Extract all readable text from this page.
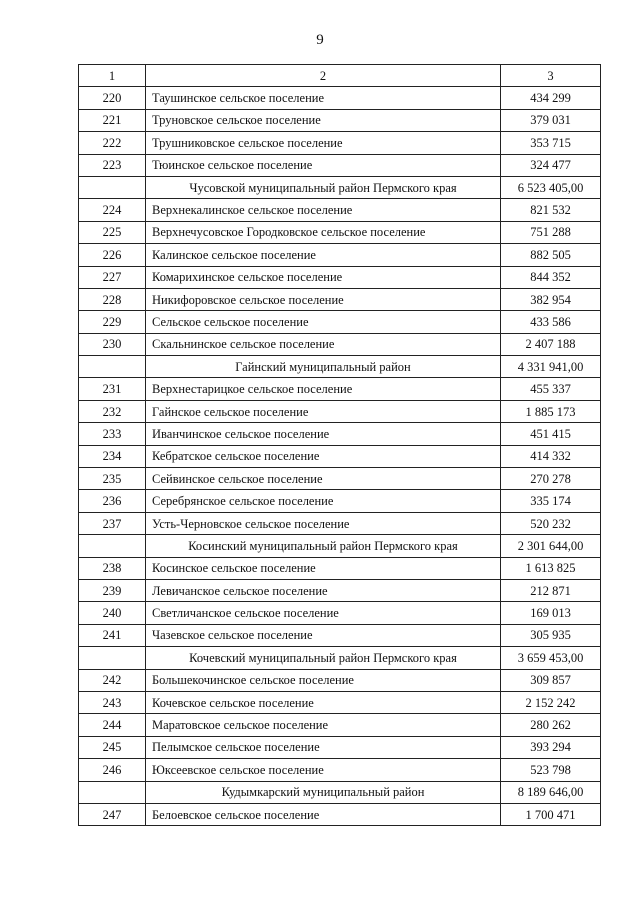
9
1	2	3
220	Таушинское сельское поселение	434 299
221	Труновское сельское поселение	379 031
222	Трушниковское сельское поселение	353 715
223	Тюинское сельское поселение	324 477
	Чусовской муниципальный район Пермского края	6 523 405,00
224	Верхнекалинское сельское поселение	821 532
225	Верхнечусовское Городковское сельское поселение	751 288
226	Калинское сельское поселение	882 505
227	Комарихинское сельское поселение	844 352
228	Никифоровское сельское поселение	382 954
229	Сельское сельское поселение	433 586
230	Скальнинское сельское поселение	2 407 188
	Гайнский муниципальный район	4 331 941,00
231	Верхнестарицкое сельское поселение	455 337
232	Гайнское сельское поселение	1 885 173
233	Иванчинское сельское поселение	451 415
234	Кебратское сельское поселение	414 332
235	Сейвинское сельское поселение	270 278
236	Серебрянское сельское поселение	335 174
237	Усть-Черновское сельское поселение	520 232
	Косинский муниципальный район Пермского края	2 301 644,00
238	Косинское сельское поселение	1 613 825
239	Левичанское сельское поселение	212 871
240	Светличанское сельское поселение	169 013
241	Чазевское сельское поселение	305 935
	Кочевский муниципальный район Пермского края	3 659 453,00
242	Большекочинское сельское поселение	309 857
243	Кочевское сельское поселение	2 152 242
244	Маратовское сельское поселение	280 262
245	Пелымское сельское поселение	393 294
246	Юксеевское сельское поселение	523 798
	Кудымкарский муниципальный район	8 189 646,00
247	Белоевское сельское поселение	1 700 471
